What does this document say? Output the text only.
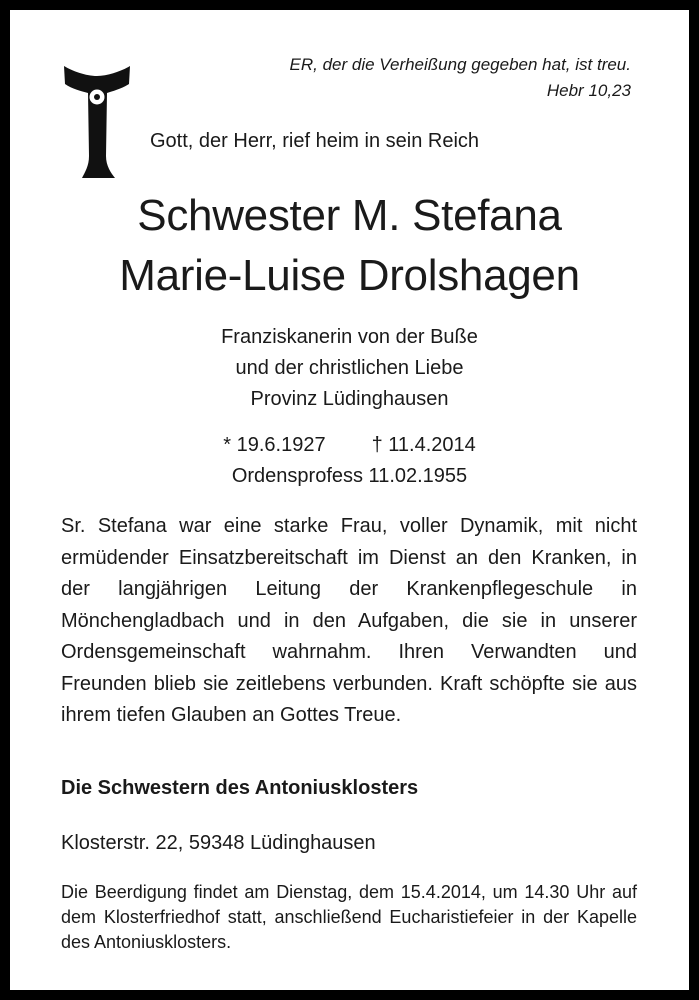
ER, der die Verheißung gegeben hat, ist treu.
Hebr 10,23
Gott, der Herr, rief heim in sein Reich
Schwester M. Stefana
Marie-Luise Drolshagen
Franziskanerin von der Buße
und der christlichen Liebe
Provinz Lüdinghausen
* 19.6.1927 † 11.4.2014
Ordensprofess 11.02.1955
Sr. Stefana war eine starke Frau, voller Dynamik, mit nicht ermüdender Einsatzbereitschaft im Dienst an den Kranken, in der langjährigen Leitung der Krankenpflegeschule in Mönchengladbach und in den Aufgaben, die sie in unserer Ordensgemeinschaft wahrnahm. Ihren Verwandten und Freunden blieb sie zeitlebens verbunden. Kraft schöpfte sie aus ihrem tiefen Glauben an Gottes Treue.
Die Schwestern des Antoniusklosters
Klosterstr. 22, 59348 Lüdinghausen
Die Beerdigung findet am Dienstag, dem 15.4.2014, um 14.30 Uhr auf dem Klosterfriedhof statt, anschließend Eucharistiefeier in der Kapelle des Antoniusklosters.
